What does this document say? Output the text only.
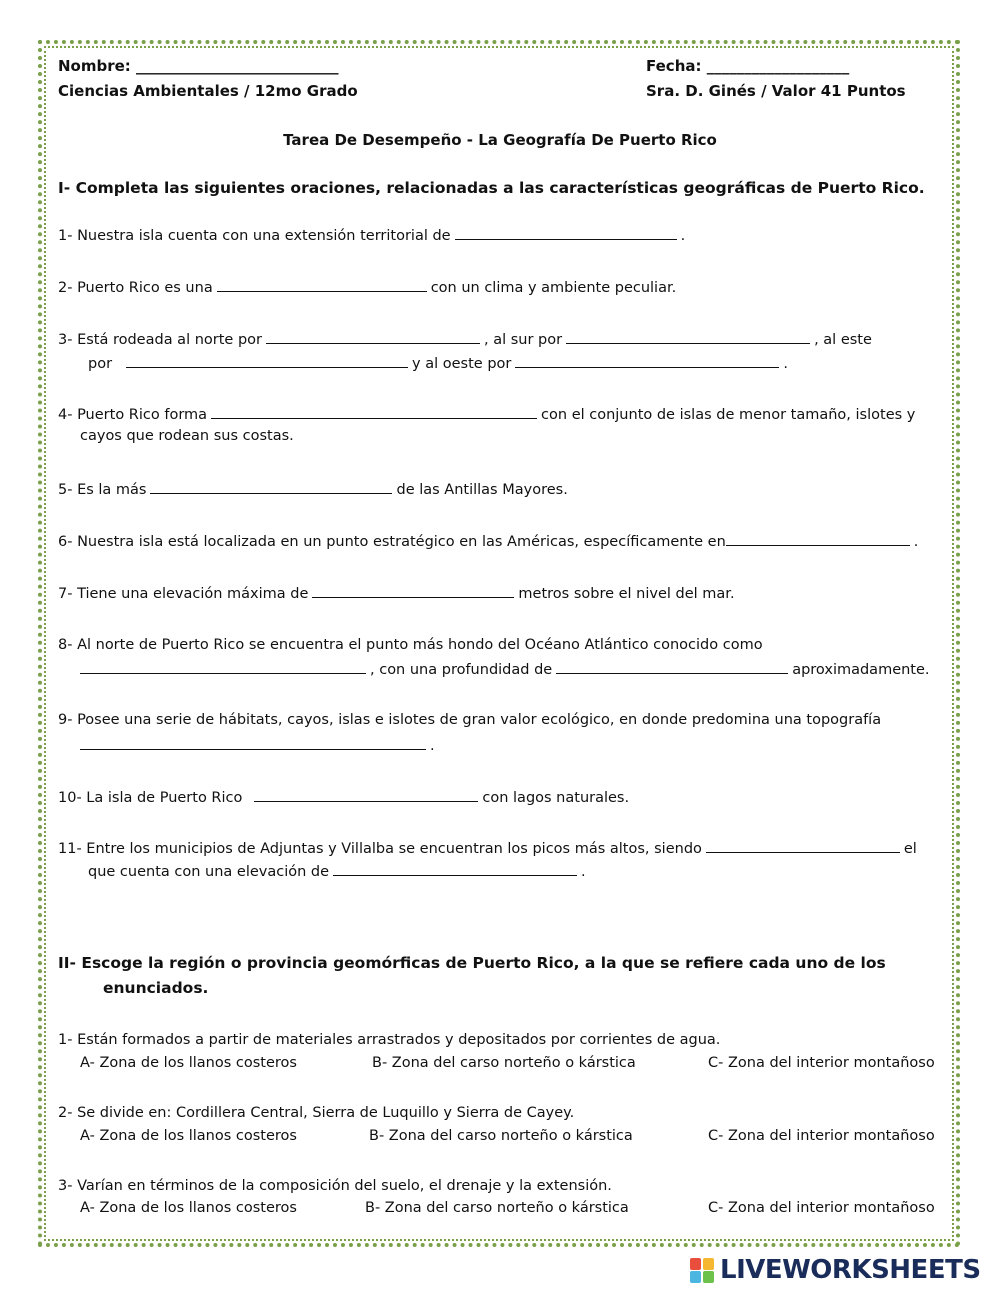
Nombre: ___________________________	Fecha: ___________________
Ciencias Ambientales / 12mo Grado	Sra. D. Ginés / Valor 41 Puntos
Tarea De Desempeño - La Geografía De Puerto Rico
I- Completa las siguientes oraciones, relacionadas a las características geográficas de Puerto Rico.
1- Nuestra isla cuenta con una extensión territorial de	.
2- Puerto Rico es una	con un clima y ambiente peculiar.
3- Está rodeada al norte por	, al sur por	, al este
por	y al oeste por	.
4- Puerto Rico forma	con el conjunto de islas de menor tamaño, islotes y
cayos que rodean sus costas.
5- Es la más	de las Antillas Mayores.
6- Nuestra isla está localizada en un punto estratégico en las Américas, específicamente en	.
7- Tiene una elevación máxima de	metros sobre el nivel del mar.
8- Al norte de Puerto Rico se encuentra el punto más hondo del Océano Atlántico conocido como
, con una profundidad de	aproximadamente.
9- Posee una serie de hábitats, cayos, islas e islotes de gran valor ecológico, en donde predomina una topografía
.
10- La isla de Puerto Rico	con lagos naturales.
11- Entre los municipios de Adjuntas y Villalba se encuentran los picos más altos, siendo	el
que cuenta con una elevación de	.
II- Escoge la región o provincia geomórficas de Puerto Rico, a la que se refiere cada uno de los
enunciados.
1- Están formados a partir de materiales arrastrados y depositados por corrientes de agua.
A- Zona de los llanos costeros	B- Zona del carso norteño o kárstica	C- Zona del interior montañoso
2- Se divide en: Cordillera Central, Sierra de Luquillo y Sierra de Cayey.
A- Zona de los llanos costeros	B- Zona del carso norteño o kárstica	C- Zona del interior montañoso
3- Varían en términos de la composición del suelo, el drenaje y la extensión.
A- Zona de los llanos costeros	B- Zona del carso norteño o kárstica	C- Zona del interior montañoso
LIVEWORKSHEETS
